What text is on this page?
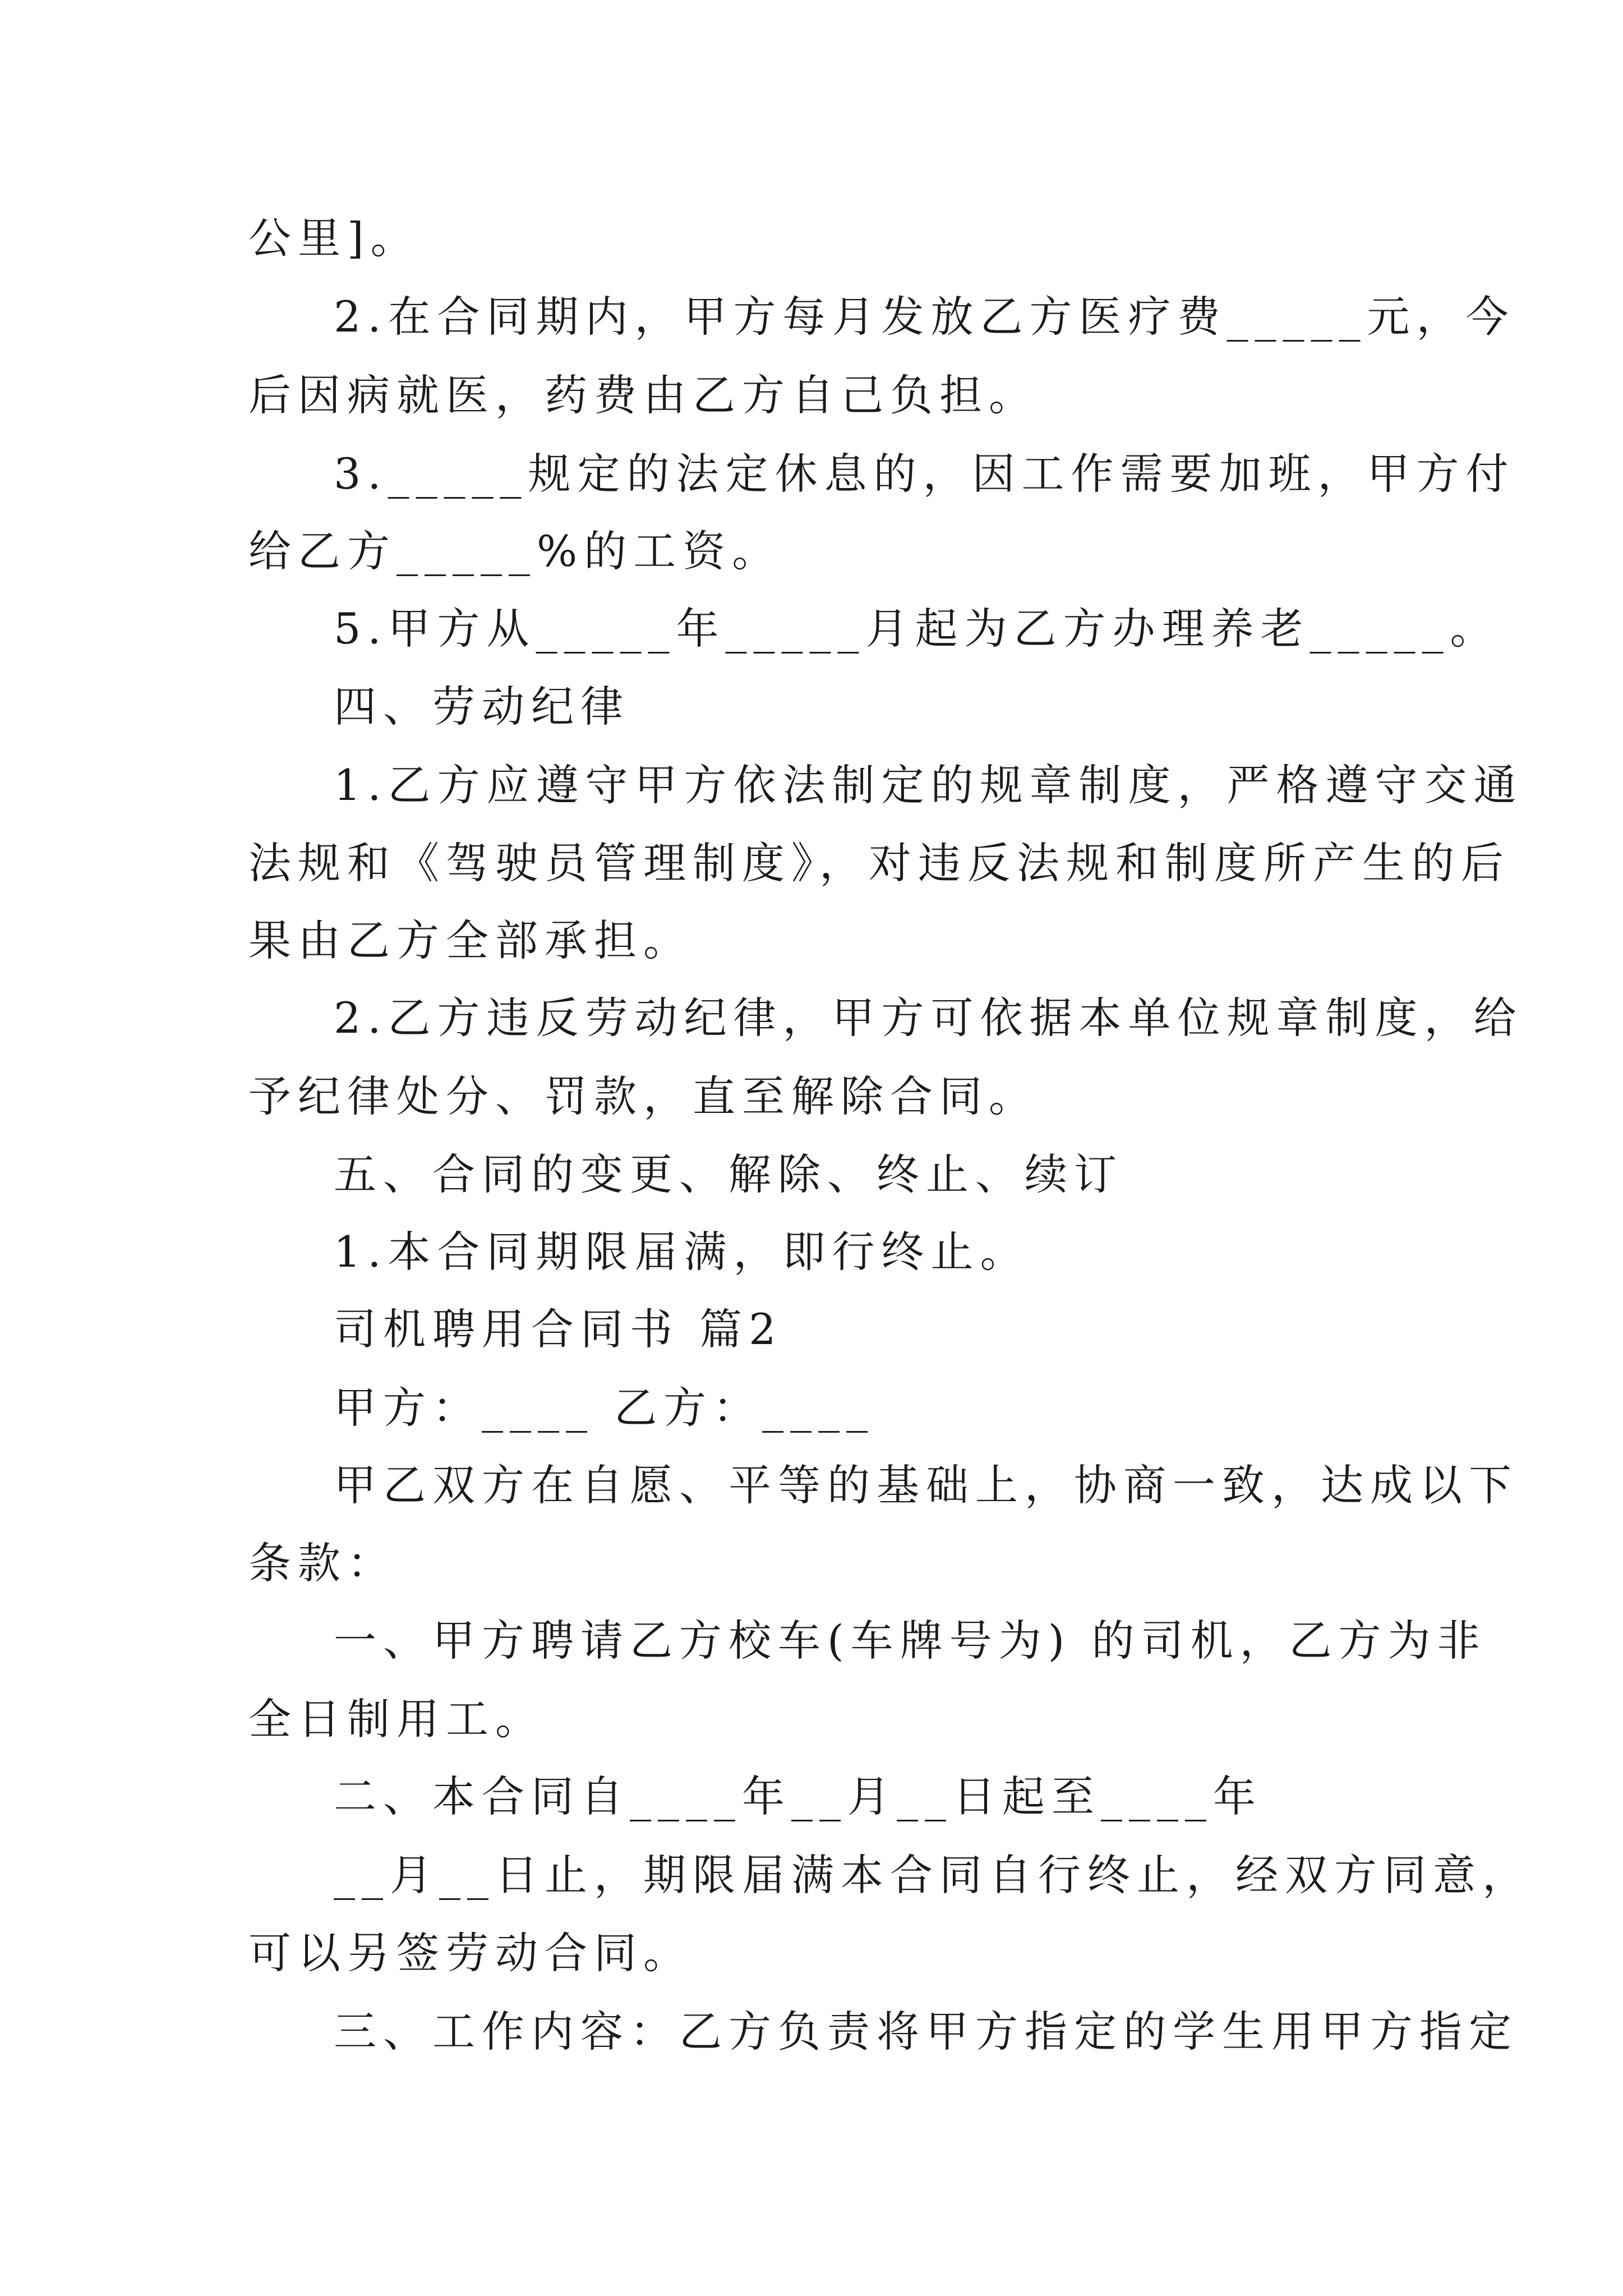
公里]。
2.在合同期内，甲方每月发放乙方医疗费_____元，今
后因病就医，药费由乙方自己负担。
3._____规定的法定休息的，因工作需要加班，甲方付
给乙方_____%的工资。
5.甲方从_____年_____月起为乙方办理养老_____。
四、劳动纪律
1.乙方应遵守甲方依法制定的规章制度，严格遵守交通
法规和《驾驶员管理制度》，对违反法规和制度所产生的后
果由乙方全部承担。
2.乙方违反劳动纪律，甲方可依据本单位规章制度，给
予纪律处分、罚款，直至解除合同。
五、合同的变更、解除、终止、续订
1.本合同期限届满，即行终止。
司机聘用合同书 篇2
甲方：____ 乙方：____
甲乙双方在自愿、平等的基础上，协商一致，达成以下
条款：
一、甲方聘请乙方校车(车牌号为) 的司机，乙方为非
全日制用工。
二、本合同自____年__月__日起至____年
__月__日止，期限届满本合同自行终止，经双方同意，
可以另签劳动合同。
三、工作内容：乙方负责将甲方指定的学生用甲方指定
